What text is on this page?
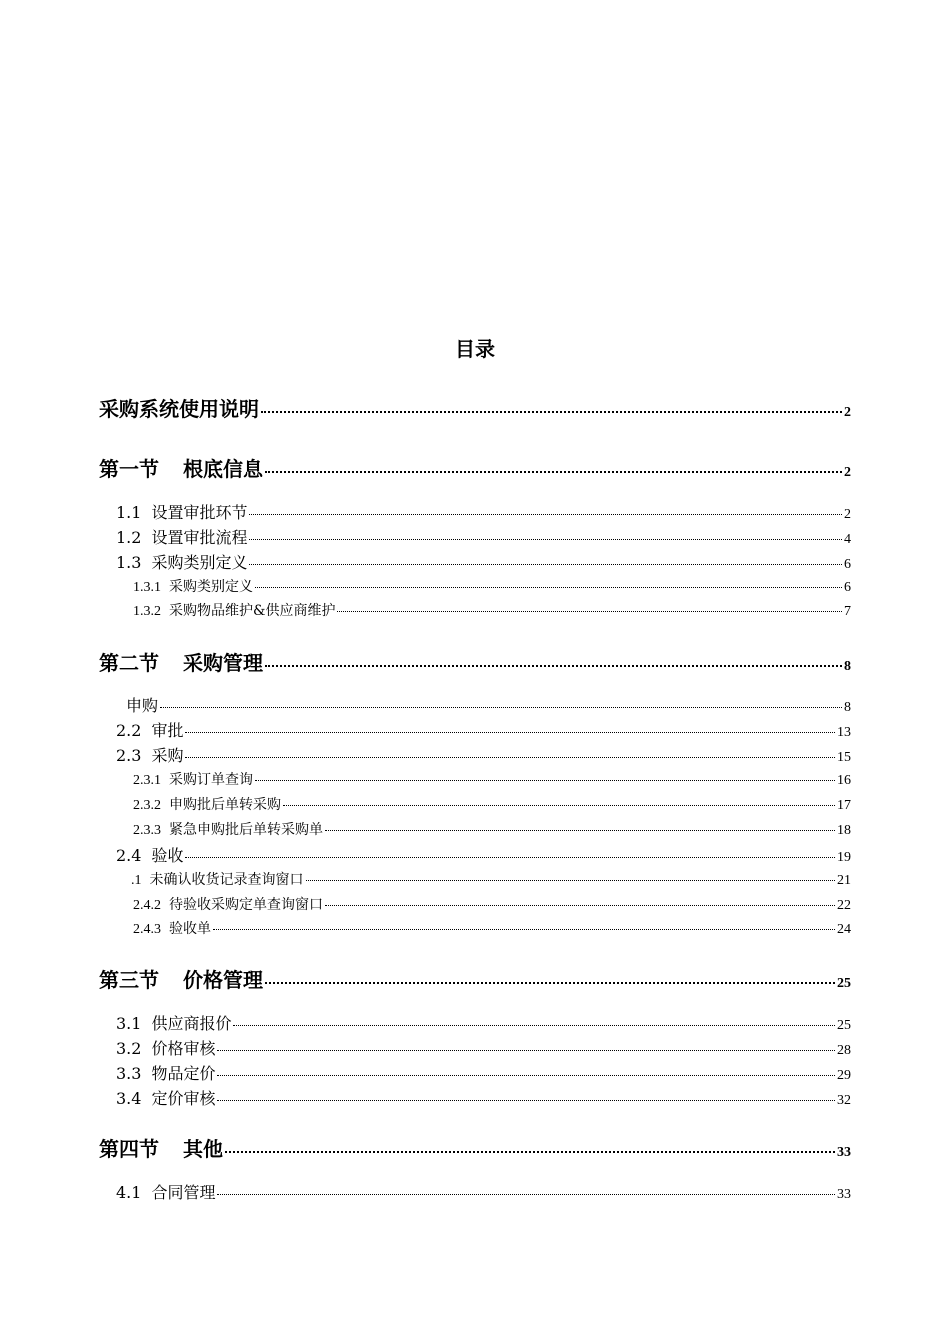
目录
采购系统使用说明	2
第一节 根底信息	2
1.1 设置审批环节	2
1.2 设置审批流程	4
1.3 采购类别定义	6
1.3.1 采购类别定义	6
1.3.2 采购物品维护&供应商维护	7
第二节 采购管理	8
申购	8
2.2 审批	13
2.3 采购	15
2.3.1 采购订单查询	16
2.3.2 申购批后单转采购	17
2.3.3 紧急申购批后单转采购单	18
2.4 验收	19
.1 未确认收货记录查询窗口	21
2.4.2 待验收采购定单查询窗口	22
2.4.3 验收单	24
第三节 价格管理	25
3.1 供应商报价	25
3.2 价格审核	28
3.3 物品定价	29
3.4 定价审核	32
第四节 其他	33
4.1 合同管理	33
